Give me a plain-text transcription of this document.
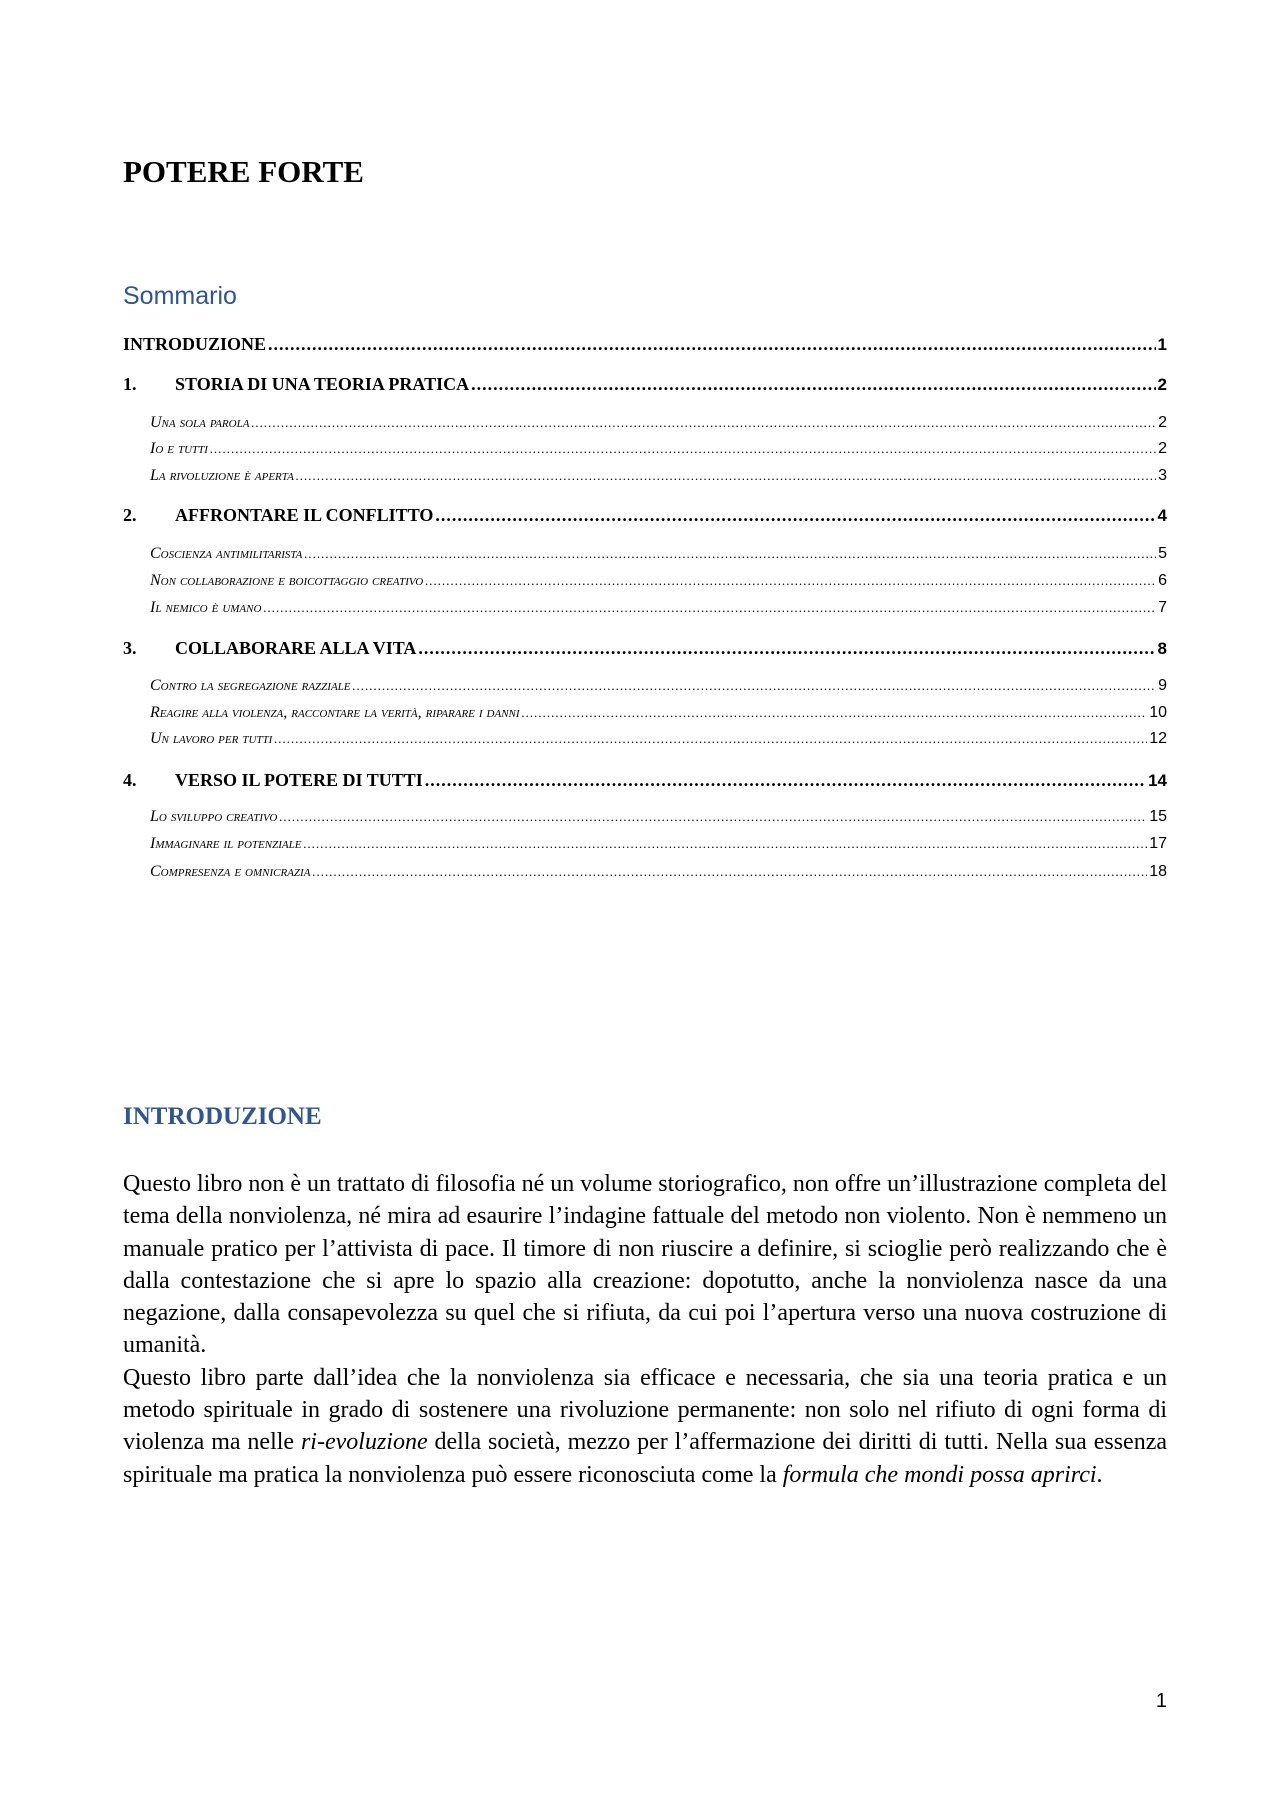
POTERE FORTE
Sommario
INTRODUZIONE .....	1
1. STORIA DI UNA TEORIA PRATICA .....	2
Una sola parola .....	2
Io e tutti .....	2
La rivoluzione è aperta .....	3
2. AFFRONTARE IL CONFLITTO .....	4
Coscienza antimilitarista .....	5
Non collaborazione e boicottaggio creativo .....	6
Il nemico è umano .....	7
3. COLLABORARE ALLA VITA .....	8
Contro la segregazione razziale .....	9
Reagire alla violenza, raccontare la verità, riparare i danni .....	10
Un lavoro per tutti .....	12
4. VERSO IL POTERE DI TUTTI .....	14
Lo sviluppo creativo .....	15
Immaginare il potenziale .....	17
Compresenza e omnicrazia .....	18
INTRODUZIONE

Questo libro non è un trattato di filosofia né un volume storiografico, non offre un’illustrazione completa del tema della nonviolenza, né mira ad esaurire l’indagine fattuale del metodo non violento. Non è nemmeno un manuale pratico per l’attivista di pace. Il timore di non riuscire a definire, si scioglie però realizzando che è dalla contestazione che si apre lo spazio alla creazione: dopotutto, anche la nonviolenza nasce da una negazione, dalla consapevolezza su quel che si rifiuta, da cui poi l’apertura verso una nuova costruzione di umanità.

Questo libro parte dall’idea che la nonviolenza sia efficace e necessaria, che sia una teoria pratica e un metodo spirituale in grado di sostenere una rivoluzione permanente: non solo nel rifiuto di ogni forma di violenza ma nelle ri-evoluzione della società, mezzo per l’affermazione dei diritti di tutti. Nella sua essenza spirituale ma pratica la nonviolenza può essere riconosciuta come la formula che mondi possa aprirci.

1
